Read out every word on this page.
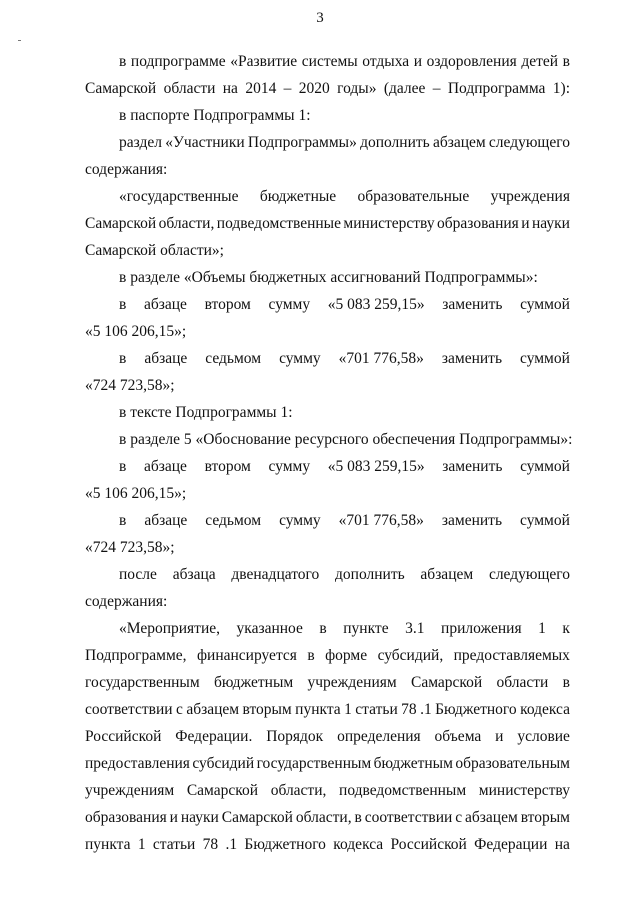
3
в подпрограмме «Развитие системы отдыха и оздоровления детей в
Самарской области на 2014 – 2020 годы» (далее – Подпрограмма 1):
в паспорте Подпрограммы 1:
раздел «Участники Подпрограммы» дополнить абзацем следующего
содержания:
«государственные бюджетные образовательные учреждения
Самарской области, подведомственные министерству образования и науки
Самарской области»;
в разделе «Объемы бюджетных ассигнований Подпрограммы»:
в абзаце втором сумму «5 083 259,15» заменить суммой
«5 106 206,15»;
в абзаце седьмом сумму «701 776,58» заменить суммой
«724 723,58»;
в тексте Подпрограммы 1:
в разделе 5 «Обоснование ресурсного обеспечения Подпрограммы»:
в абзаце втором сумму «5 083 259,15» заменить суммой
«5 106 206,15»;
в абзаце седьмом сумму «701 776,58» заменить суммой
«724 723,58»;
после абзаца двенадцатого дополнить абзацем следующего
содержания:
«Мероприятие, указанное в пункте 3.1 приложения 1 к
Подпрограмме, финансируется в форме субсидий, предоставляемых
государственным бюджетным учреждениям Самарской области в
соответствии с абзацем вторым пункта 1 статьи 78 .1 Бюджетного кодекса
Российской Федерации. Порядок определения объема и условие
предоставления субсидий государственным бюджетным образовательным
учреждениям Самарской области, подведомственным министерству
образования и науки Самарской области, в соответствии с абзацем вторым
пункта 1 статьи 78 .1 Бюджетного кодекса Российской Федерации на
